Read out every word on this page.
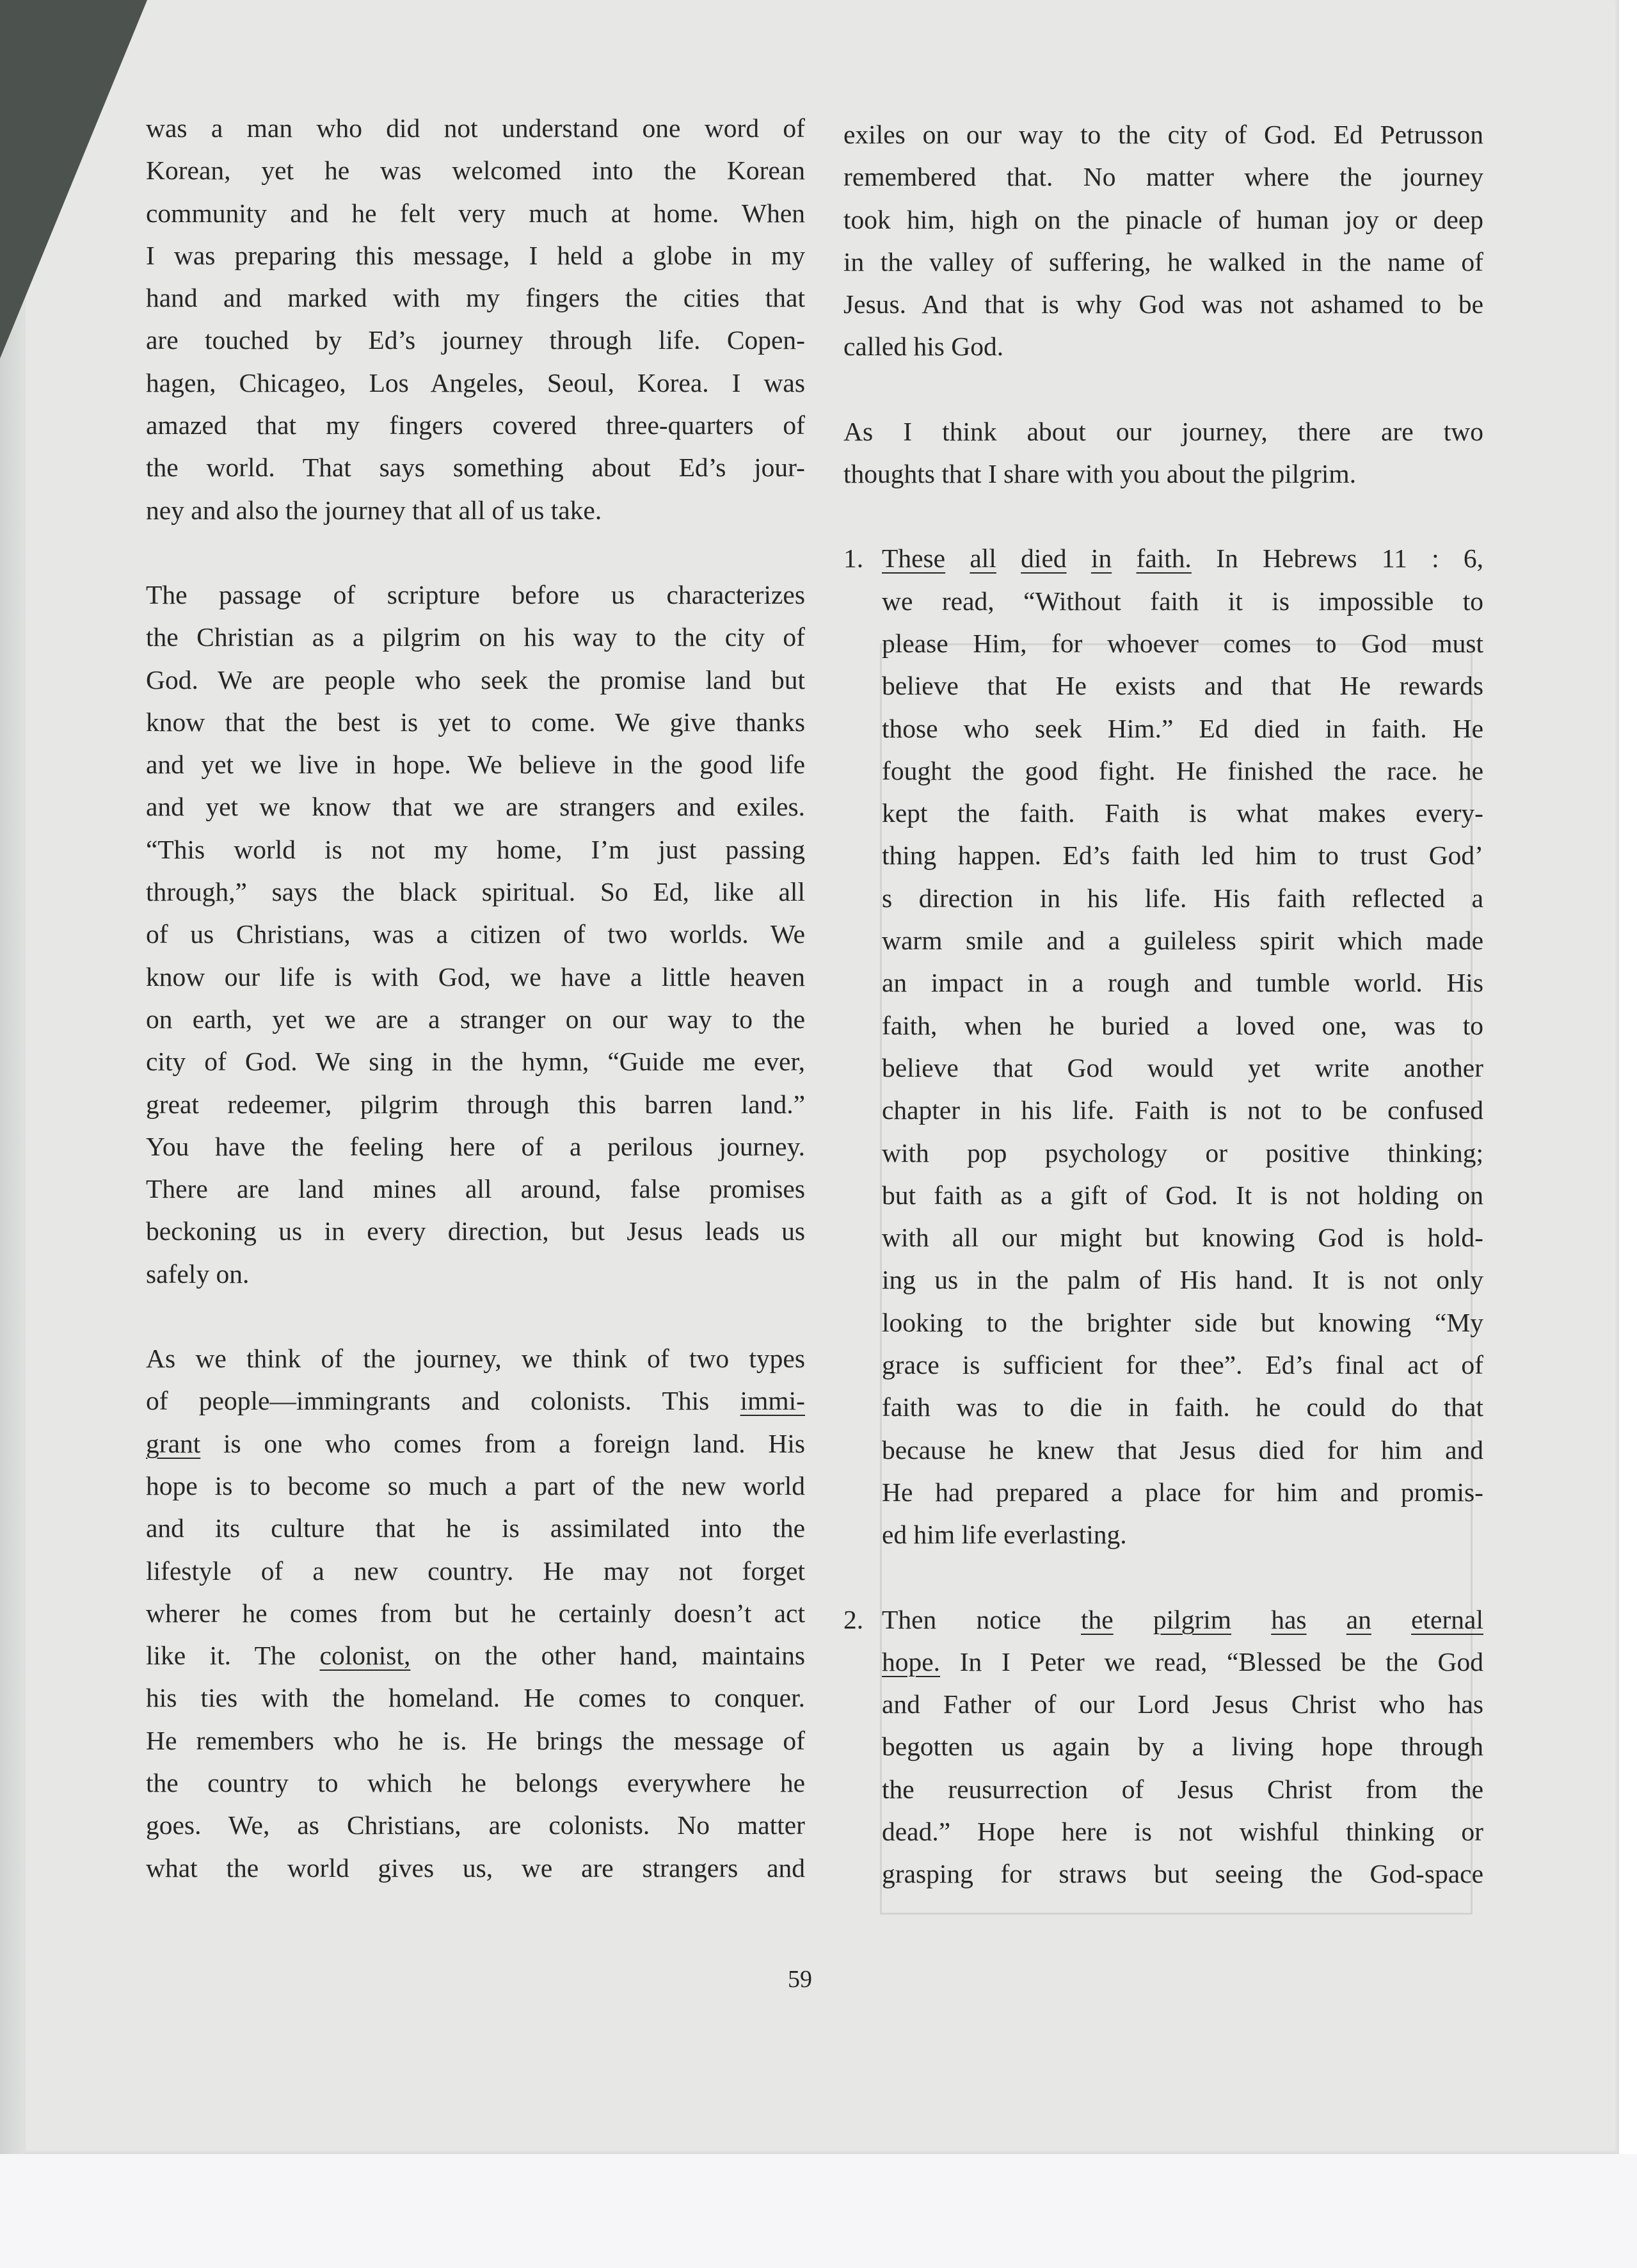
was a man who did not understand one word of
Korean, yet he was welcomed into the Korean
community and he felt very much at home. When
I was preparing this message, I held a globe in my
hand and marked with my fingers the cities that
are touched by Ed’s journey through life. Copen-
hagen, Chicageo, Los Angeles, Seoul, Korea. I was
amazed that my fingers covered three-quarters of
the world. That says something about Ed’s jour-
ney and also the journey that all of us take.
The passage of scripture before us characterizes
the Christian as a pilgrim on his way to the city of
God. We are people who seek the promise land but
know that the best is yet to come. We give thanks
and yet we live in hope. We believe in the good life
and yet we know that we are strangers and exiles.
“This world is not my home, I’m just passing
through,” says the black spiritual. So Ed, like all
of us Christians, was a citizen of two worlds. We
know our life is with God, we have a little heaven
on earth, yet we are a stranger on our way to the
city of God. We sing in the hymn, “Guide me ever,
great redeemer, pilgrim through this barren land.”
You have the feeling here of a perilous journey.
There are land mines all around, false promises
beckoning us in every direction, but Jesus leads us
safely on.
As we think of the journey, we think of two types
of people—immingrants and colonists. This immi-
grant is one who comes from a foreign land. His
hope is to become so much a part of the new world
and its culture that he is assimilated into the
lifestyle of a new country. He may not forget
wherer he comes from but he certainly doesn’t act
like it. The colonist, on the other hand, maintains
his ties with the homeland. He comes to conquer.
He remembers who he is. He brings the message of
the country to which he belongs everywhere he
goes. We, as Christians, are colonists. No matter
what the world gives us, we are strangers and
exiles on our way to the city of God. Ed Petrusson
remembered that. No matter where the journey
took him, high on the pinacle of human joy or deep
in the valley of suffering, he walked in the name of
Jesus. And that is why God was not ashamed to be
called his God.
As I think about our journey, there are two
thoughts that I share with you about the pilgrim.
1. These all died in faith. In Hebrews 11 : 6,
we read, “Without faith it is impossible to
please Him, for whoever comes to God must
believe that He exists and that He rewards
those who seek Him.” Ed died in faith. He
fought the good fight. He finished the race. he
kept the faith. Faith is what makes every-
thing happen. Ed’s faith led him to trust God’
s direction in his life. His faith reflected a
warm smile and a guileless spirit which made
an impact in a rough and tumble world. His
faith, when he buried a loved one, was to
believe that God would yet write another
chapter in his life. Faith is not to be confused
with pop psychology or positive thinking;
but faith as a gift of God. It is not holding on
with all our might but knowing God is hold-
ing us in the palm of His hand. It is not only
looking to the brighter side but knowing “My
grace is sufficient for thee”. Ed’s final act of
faith was to die in faith. he could do that
because he knew that Jesus died for him and
He had prepared a place for him and promis-
ed him life everlasting.
2. Then notice the pilgrim has an eternal
hope. In I Peter we read, “Blessed be the God
and Father of our Lord Jesus Christ who has
begotten us again by a living hope through
the reusurrection of Jesus Christ from the
dead.” Hope here is not wishful thinking or
grasping for straws but seeing the God-space
59
